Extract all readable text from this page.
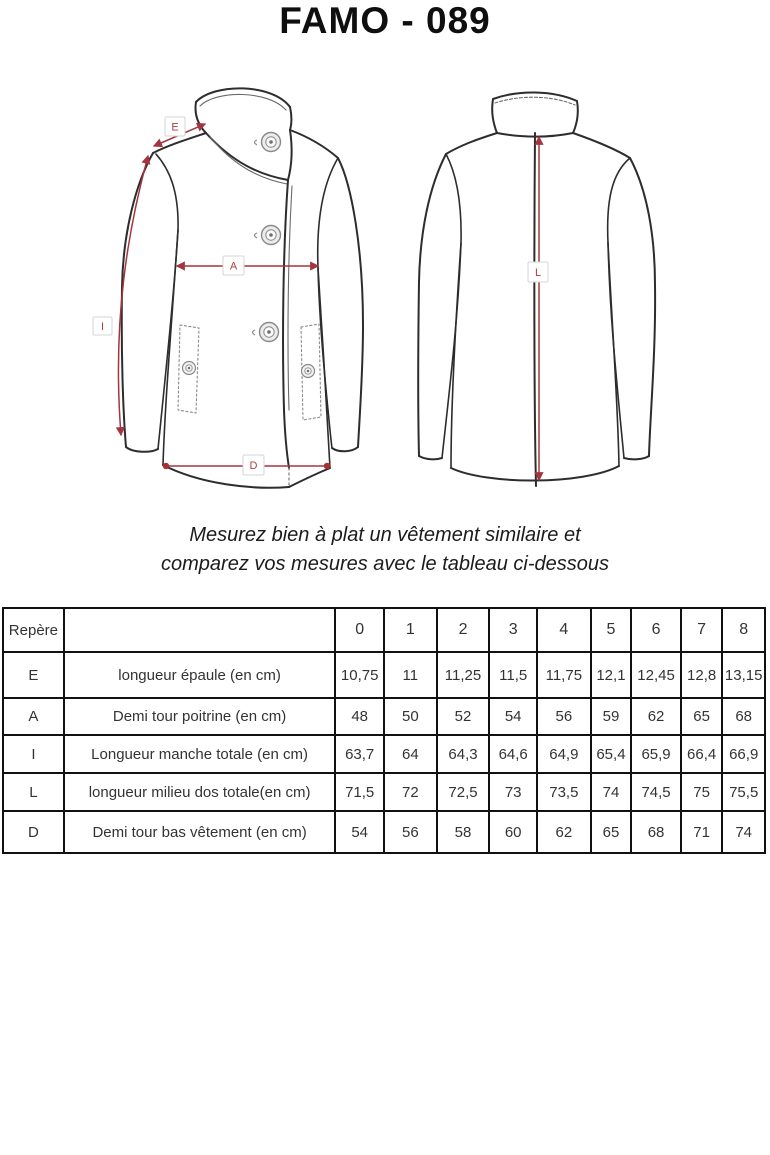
FAMO - 089
E
A
I
D
L
Mesurez bien à plat un vêtement similaire et
comparez vos mesures avec le tableau ci-dessous
Repère		0	1	2	3	4	5	6	7	8
E	longueur épaule (en cm)	10,75	11	11,25	11,5	11,75	12,1	12,45	12,8	13,15
A	Demi tour poitrine (en cm)	48	50	52	54	56	59	62	65	68
I	Longueur manche totale (en cm)	63,7	64	64,3	64,6	64,9	65,4	65,9	66,4	66,9
L	longueur milieu dos totale(en cm)	71,5	72	72,5	73	73,5	74	74,5	75	75,5
D	Demi tour bas vêtement (en cm)	54	56	58	60	62	65	68	71	74
